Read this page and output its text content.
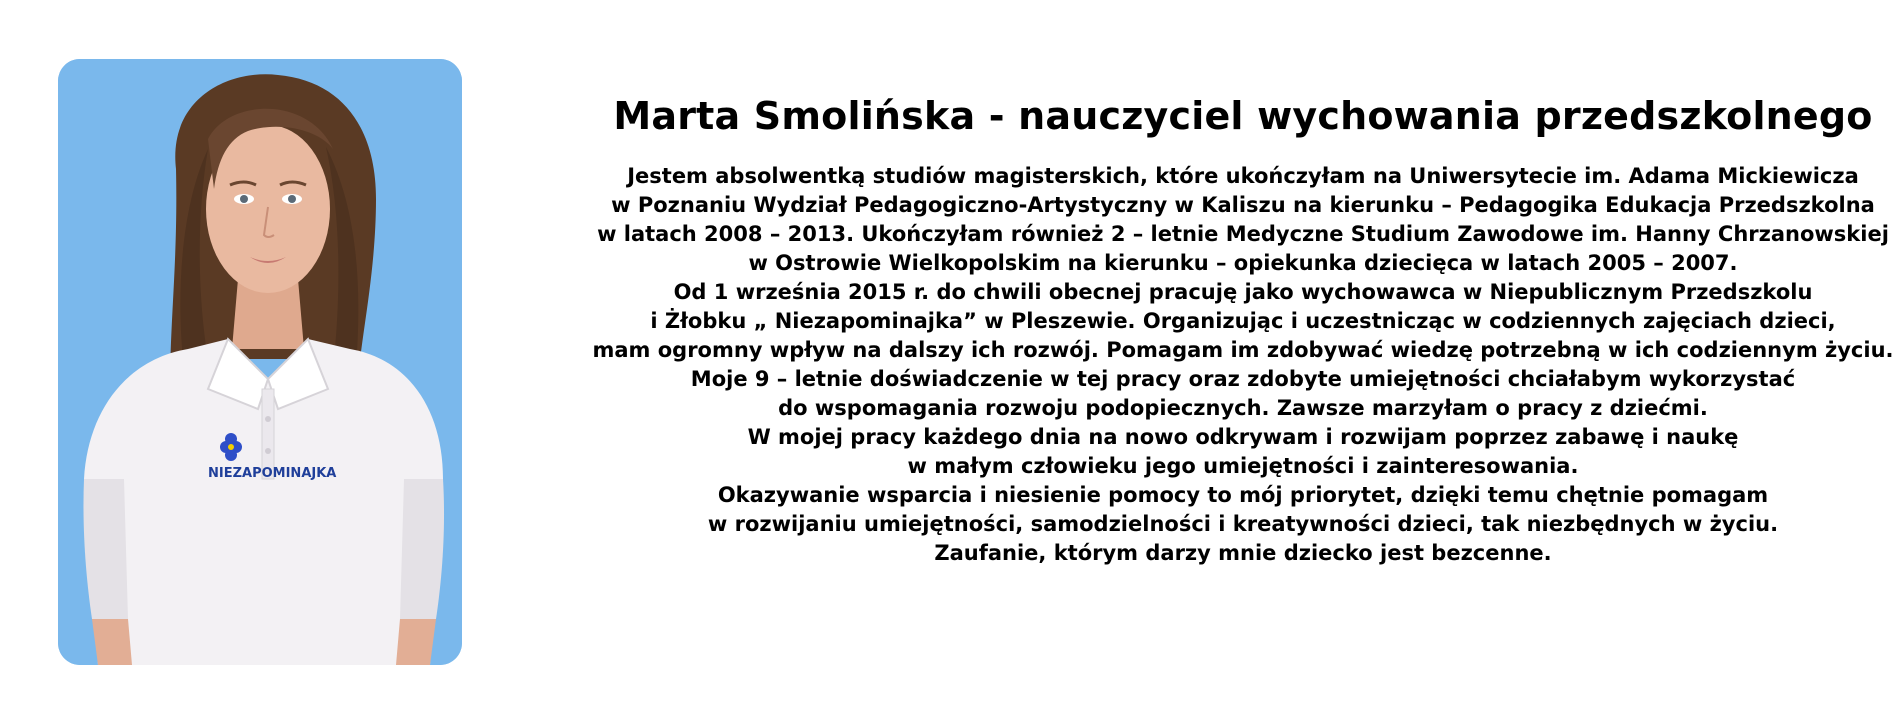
NIEZAPOMINAJKA
Marta Smolińska - nauczyciel wychowania przedszkolnego
Jestem absolwentką studiów magisterskich, które ukończyłam na Uniwersytecie im. Adama Mickiewicza
w Poznaniu Wydział Pedagogiczno-Artystyczny w Kaliszu na kierunku – Pedagogika Edukacja Przedszkolna
w latach 2008 – 2013. Ukończyłam również 2 – letnie Medyczne Studium Zawodowe im. Hanny Chrzanowskiej
w Ostrowie Wielkopolskim na kierunku – opiekunka dziecięca w latach 2005 – 2007.
Od 1 września 2015 r. do chwili obecnej pracuję jako wychowawca w Niepublicznym Przedszkolu
i Żłobku „ Niezapominajka” w Pleszewie. Organizując i uczestnicząc w codziennych zajęciach dzieci,
mam ogromny wpływ na dalszy ich rozwój. Pomagam im zdobywać wiedzę potrzebną w ich codziennym życiu.
Moje 9 – letnie doświadczenie w tej pracy oraz zdobyte umiejętności chciałabym wykorzystać
do wspomagania rozwoju podopiecznych. Zawsze marzyłam o pracy z dziećmi.
W mojej pracy każdego dnia na nowo odkrywam i rozwijam poprzez zabawę i naukę
w małym człowieku jego umiejętności i zainteresowania.
Okazywanie wsparcia i niesienie pomocy to mój priorytet, dzięki temu chętnie pomagam
w rozwijaniu umiejętności, samodzielności i kreatywności dzieci, tak niezbędnych w życiu.
Zaufanie, którym darzy mnie dziecko jest bezcenne.
